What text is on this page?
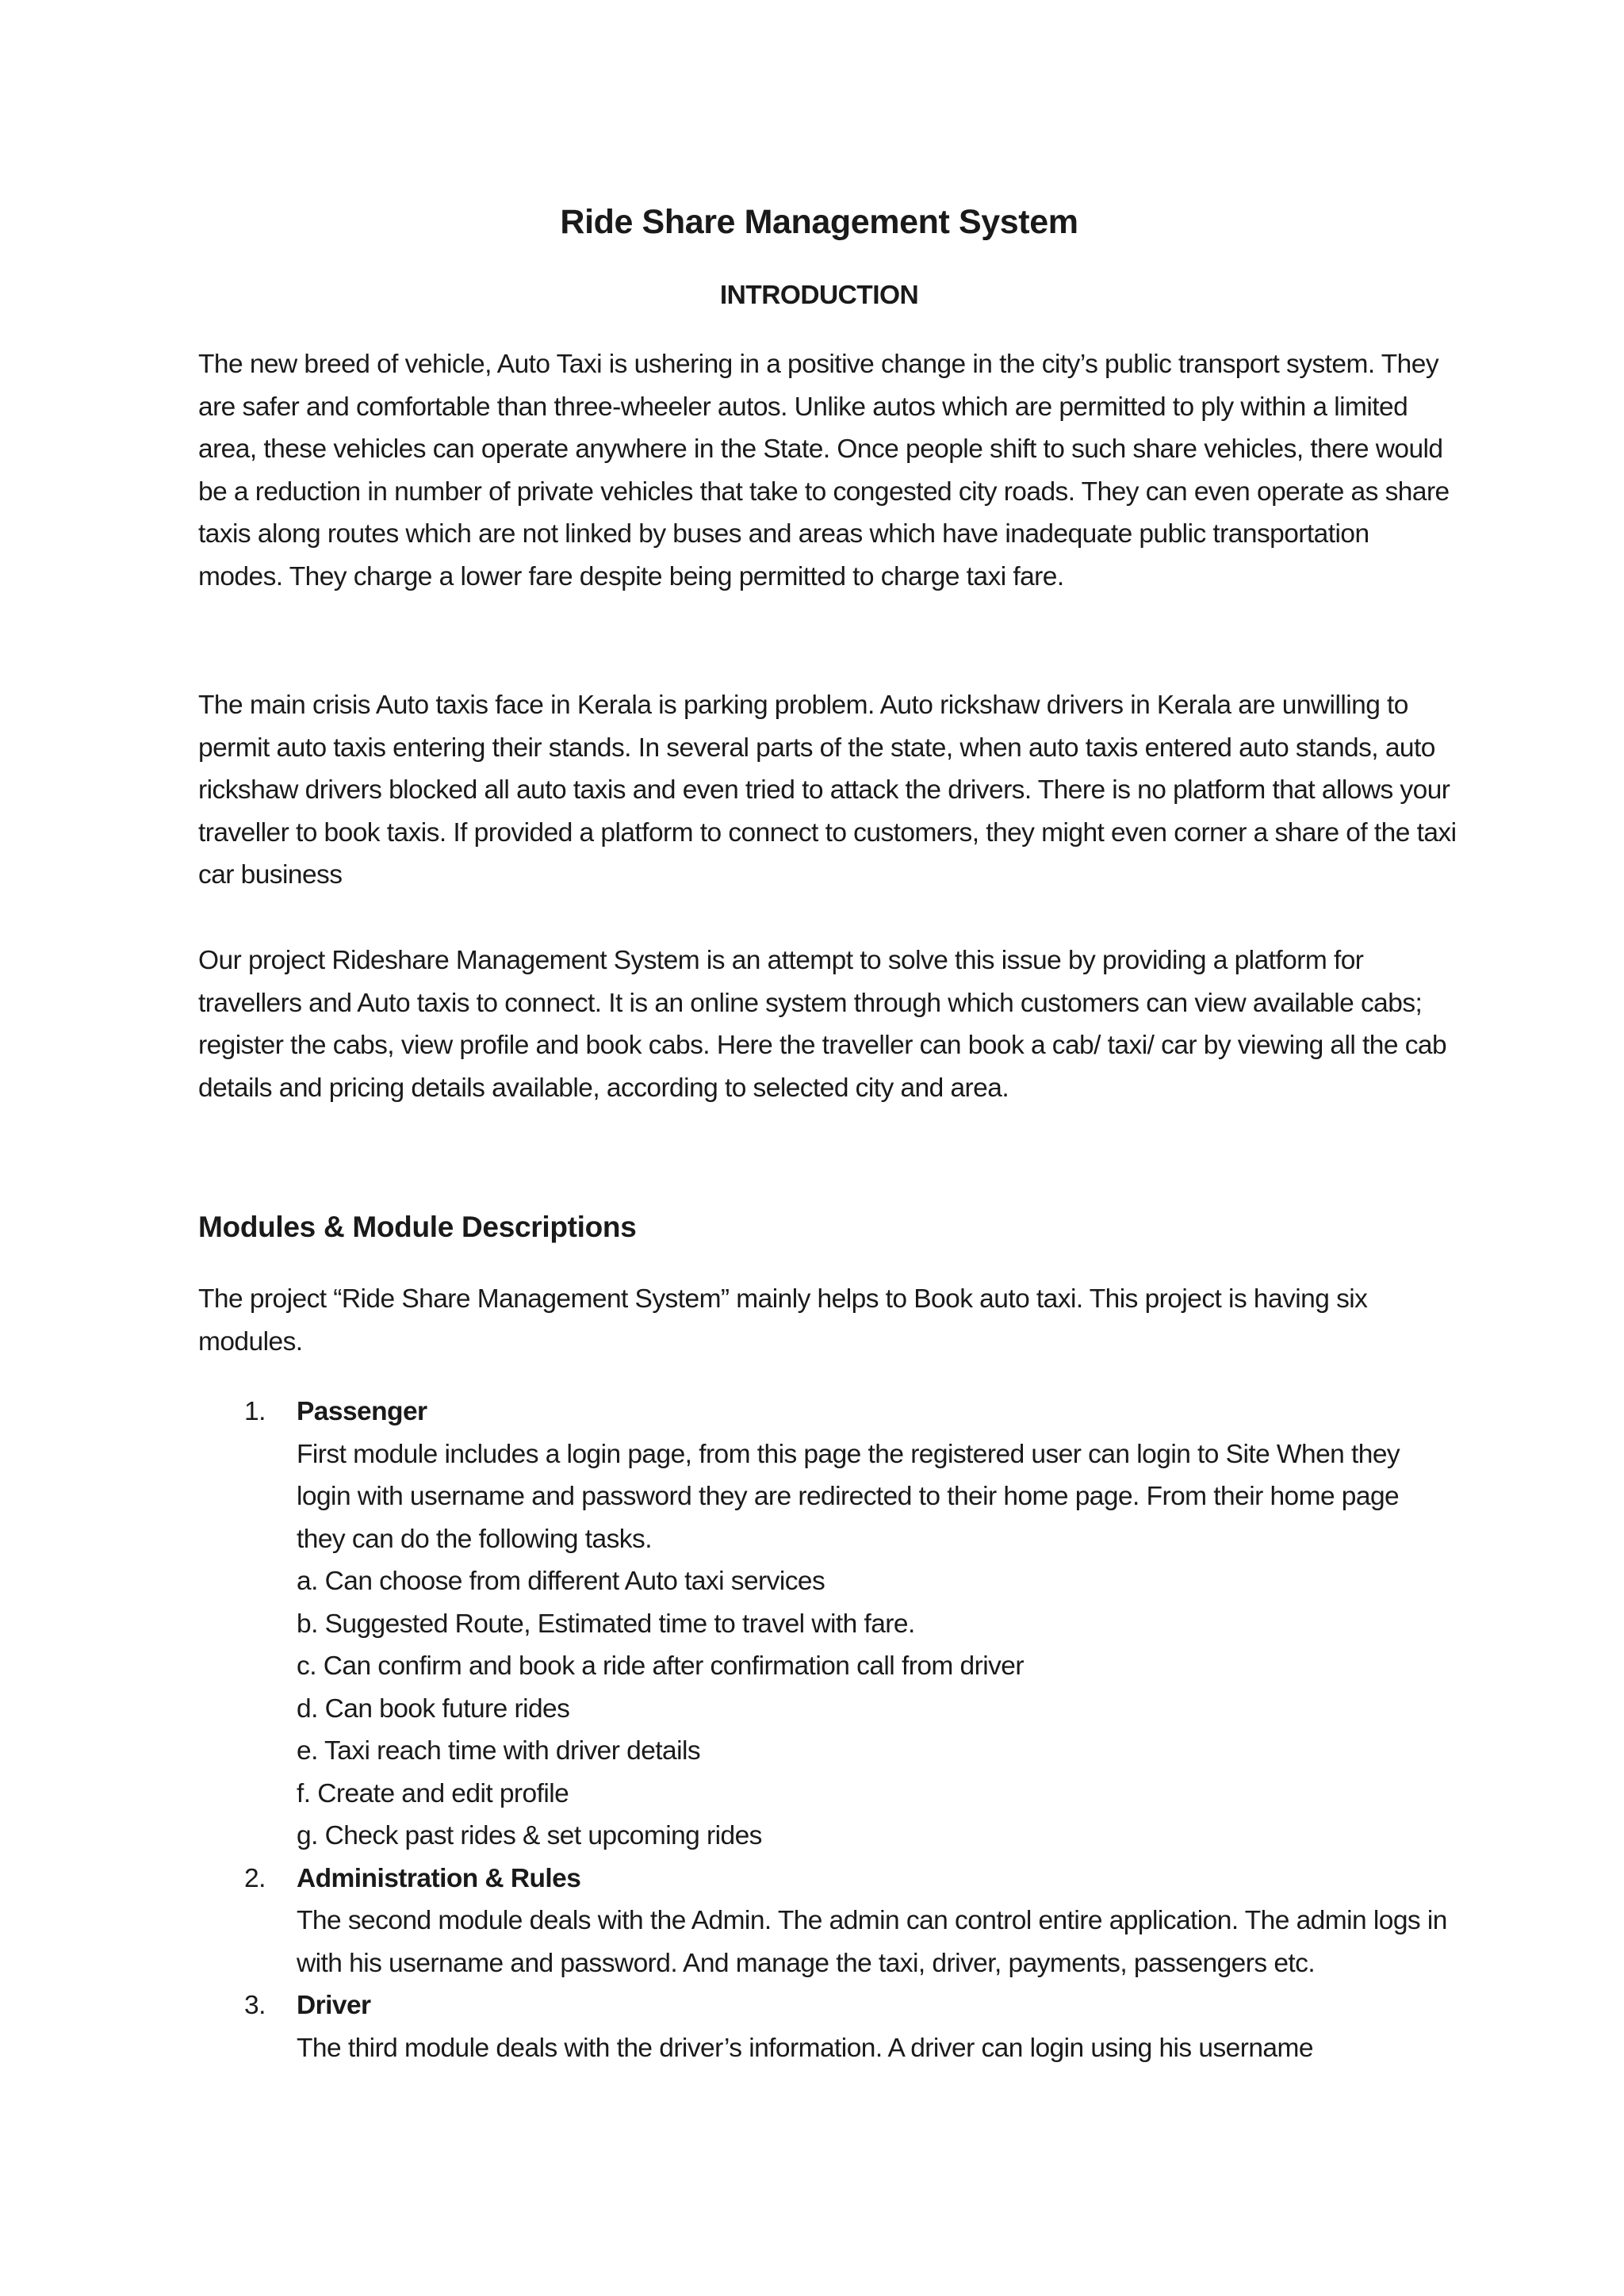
Ride Share Management System
INTRODUCTION

The new breed of vehicle, Auto Taxi is ushering in a positive change in the city’s public transport system. They are safer and comfortable than three-wheeler autos. Unlike autos which are permitted to ply within a limited area, these vehicles can operate anywhere in the State. Once people shift to such share vehicles, there would be a reduction in number of private vehicles that take to congested city roads. They can even operate as share taxis along routes which are not linked by buses and areas which have inadequate public transportation modes. They charge a lower fare despite being permitted to charge taxi fare.

The main crisis Auto taxis face in Kerala is parking problem. Auto rickshaw drivers in Kerala are unwilling to permit auto taxis entering their stands. In several parts of the state, when auto taxis entered auto stands, auto rickshaw drivers blocked all auto taxis and even tried to attack the drivers. There is no platform that allows your traveller to book taxis. If provided a platform to connect to customers, they might even corner a share of the taxi car business

Our project Rideshare Management System is an attempt to solve this issue by providing a platform for travellers and Auto taxis to connect. It is an online system through which customers can view available cabs; register the cabs, view profile and book cabs. Here the traveller can book a cab/ taxi/ car by viewing all the cab details and pricing details available, according to selected city and area.

Modules & Module Descriptions

The project “Ride Share Management System” mainly helps to Book auto taxi. This project is having six modules.

1. Passenger
First module includes a login page, from this page the registered user can login to Site When they login with username and password they are redirected to their home page. From their home page they can do the following tasks.
a. Can choose from different Auto taxi services
b. Suggested Route, Estimated time to travel with fare.
c. Can confirm and book a ride after confirmation call from driver
d. Can book future rides
e. Taxi reach time with driver details
f. Create and edit profile
g. Check past rides & set upcoming rides
2. Administration & Rules
The second module deals with the Admin. The admin can control entire application. The admin logs in with his username and password. And manage the taxi, driver, payments, passengers etc.
3. Driver
The third module deals with the driver’s information. A driver can login using his username
